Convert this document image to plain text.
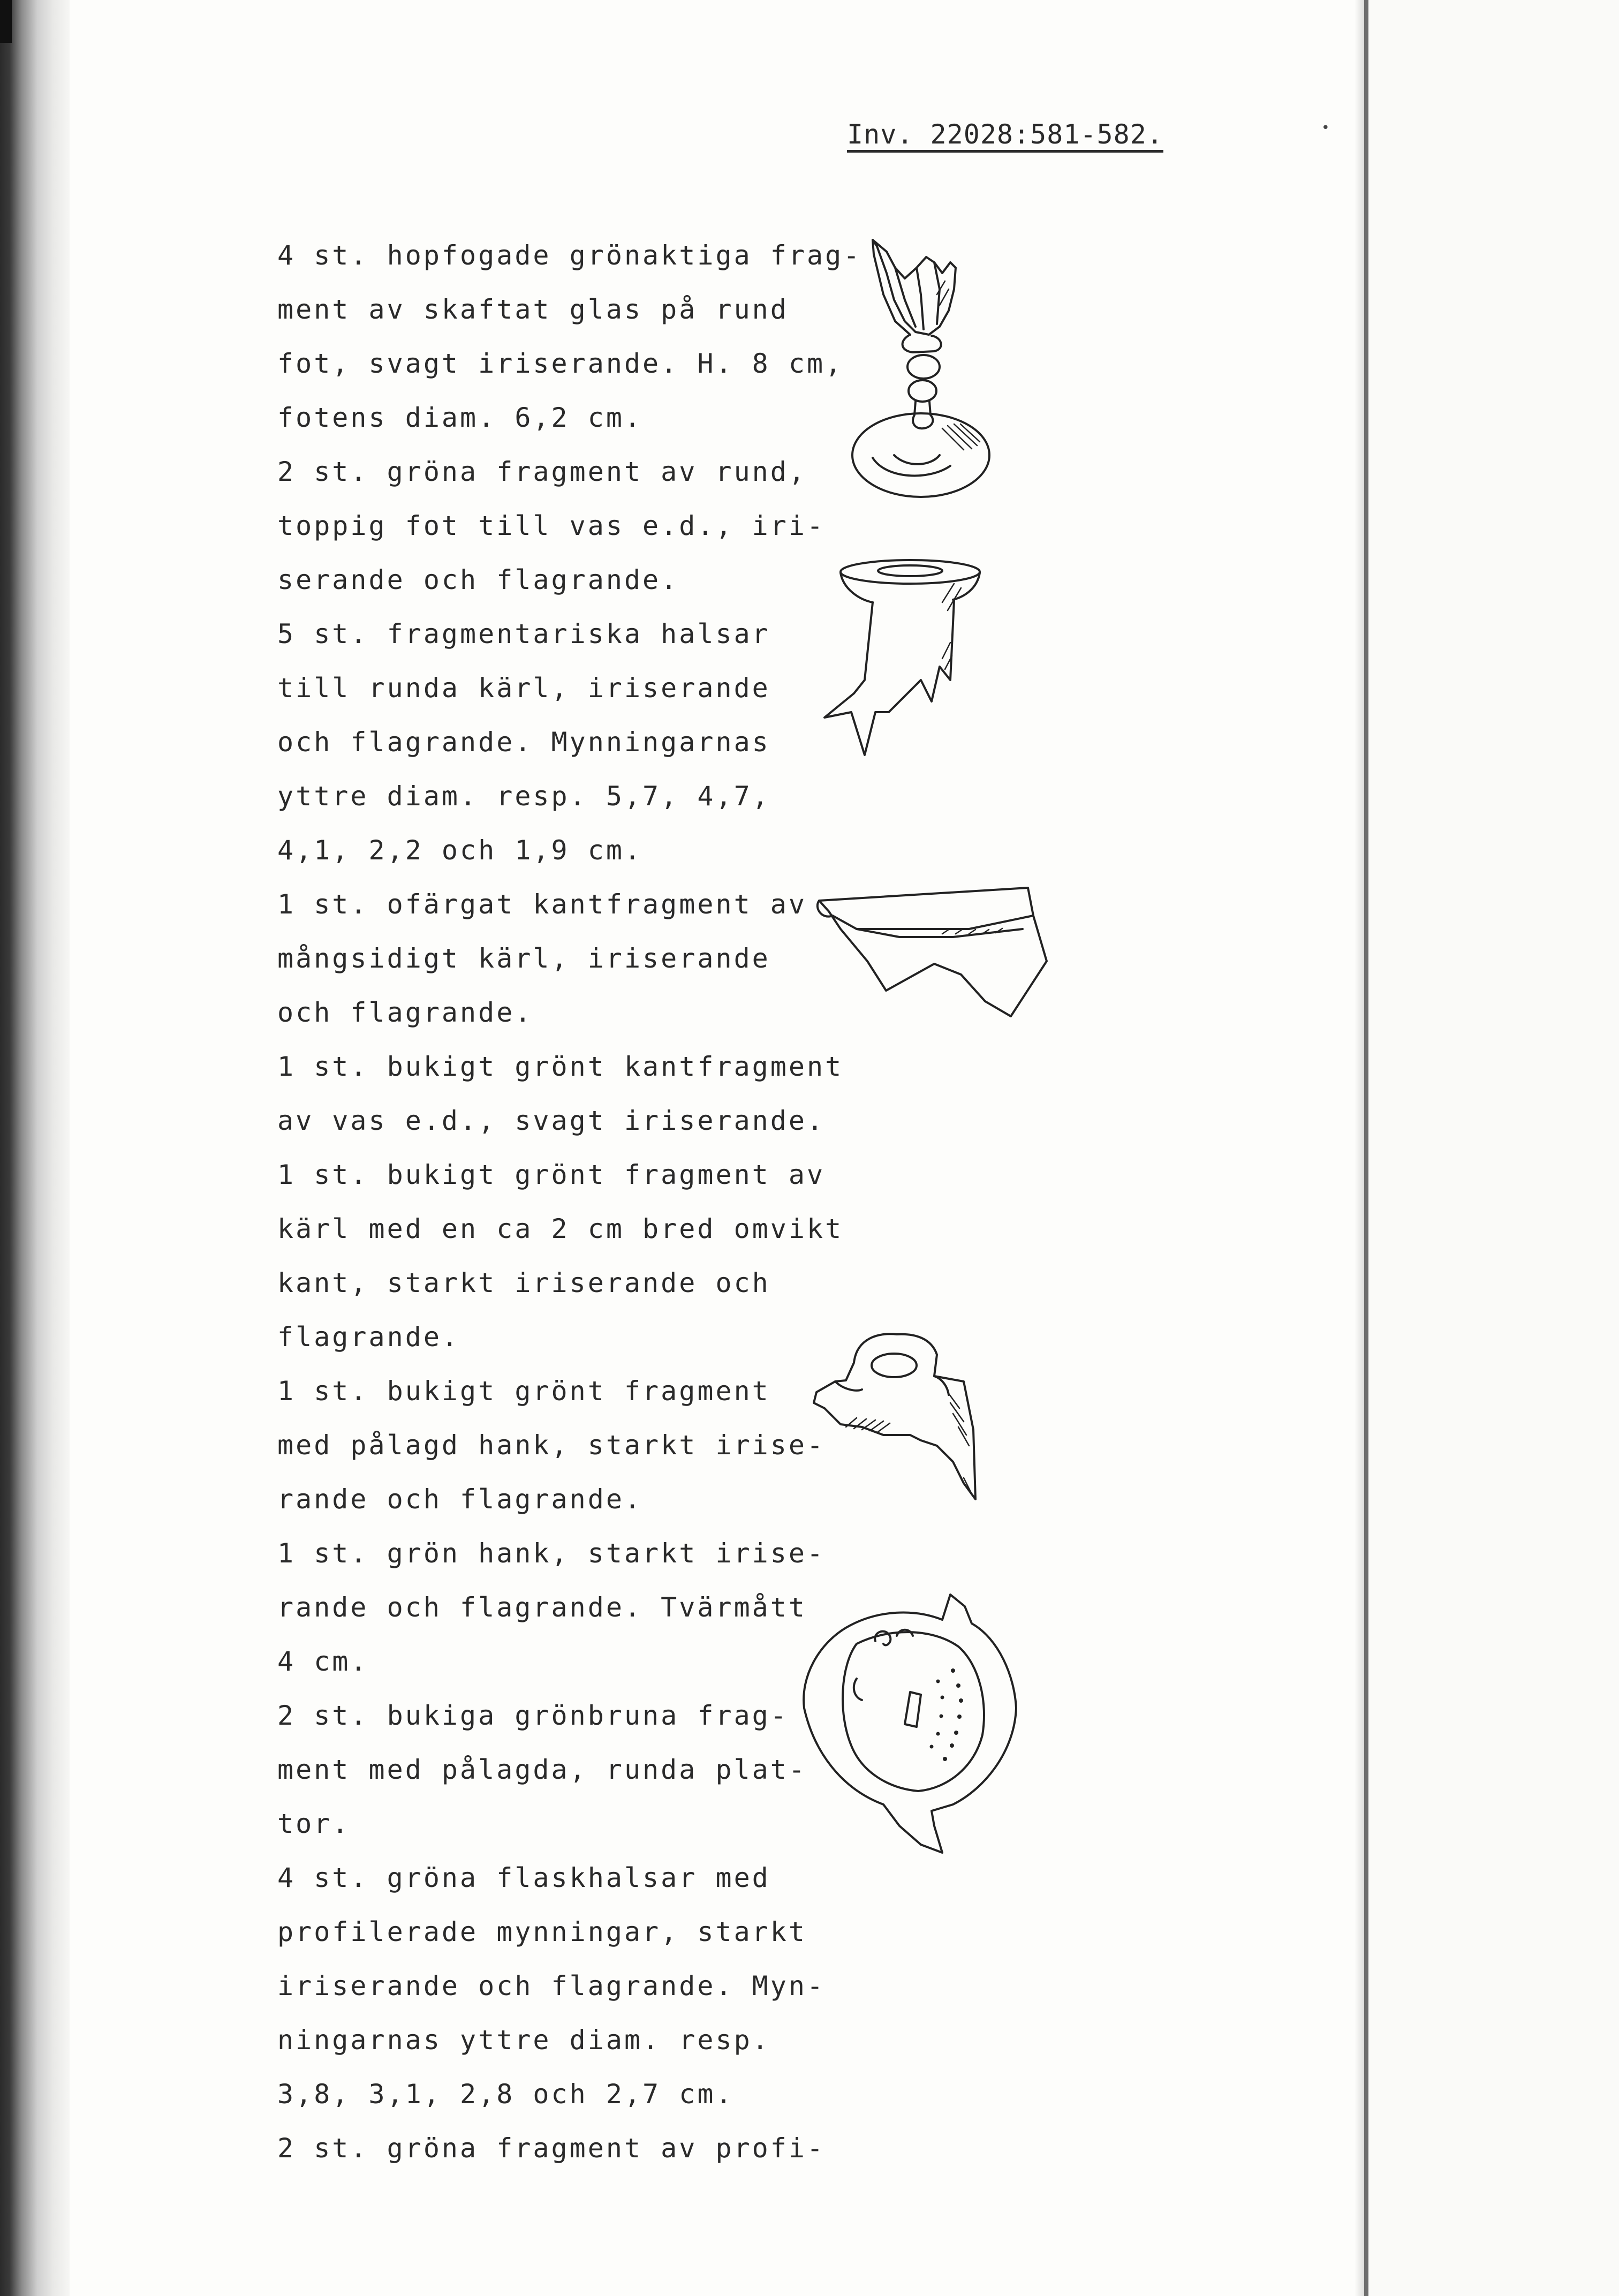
Inv. 22028:581-582.	•
4 st. hopfogade grönaktiga frag-
ment av skaftat glas på rund
fot, svagt iriserande. H. 8 cm,
fotens diam. 6,2 cm.
2 st. gröna fragment av rund,
toppig fot till vas e.d., iri-
serande och flagrande.
5 st. fragmentariska halsar
till runda kärl, iriserande
och flagrande. Mynningarnas
yttre diam. resp. 5,7, 4,7,
4,1, 2,2 och 1,9 cm.
1 st. ofärgat kantfragment av
mångsidigt kärl, iriserande
och flagrande.
1 st. bukigt grönt kantfragment
av vas e.d., svagt iriserande.
1 st. bukigt grönt fragment av
kärl med en ca 2 cm bred omvikt
kant, starkt iriserande och
flagrande.
1 st. bukigt grönt fragment
med pålagd hank, starkt irise-
rande och flagrande.
1 st. grön hank, starkt irise-
rande och flagrande. Tvärmått
4 cm.
2 st. bukiga grönbruna frag-
ment med pålagda, runda plat-
tor.
4 st. gröna flaskhalsar med
profilerade mynningar, starkt
iriserande och flagrande. Myn-
ningarnas yttre diam. resp.
3,8, 3,1, 2,8 och 2,7 cm.
2 st. gröna fragment av profi-
